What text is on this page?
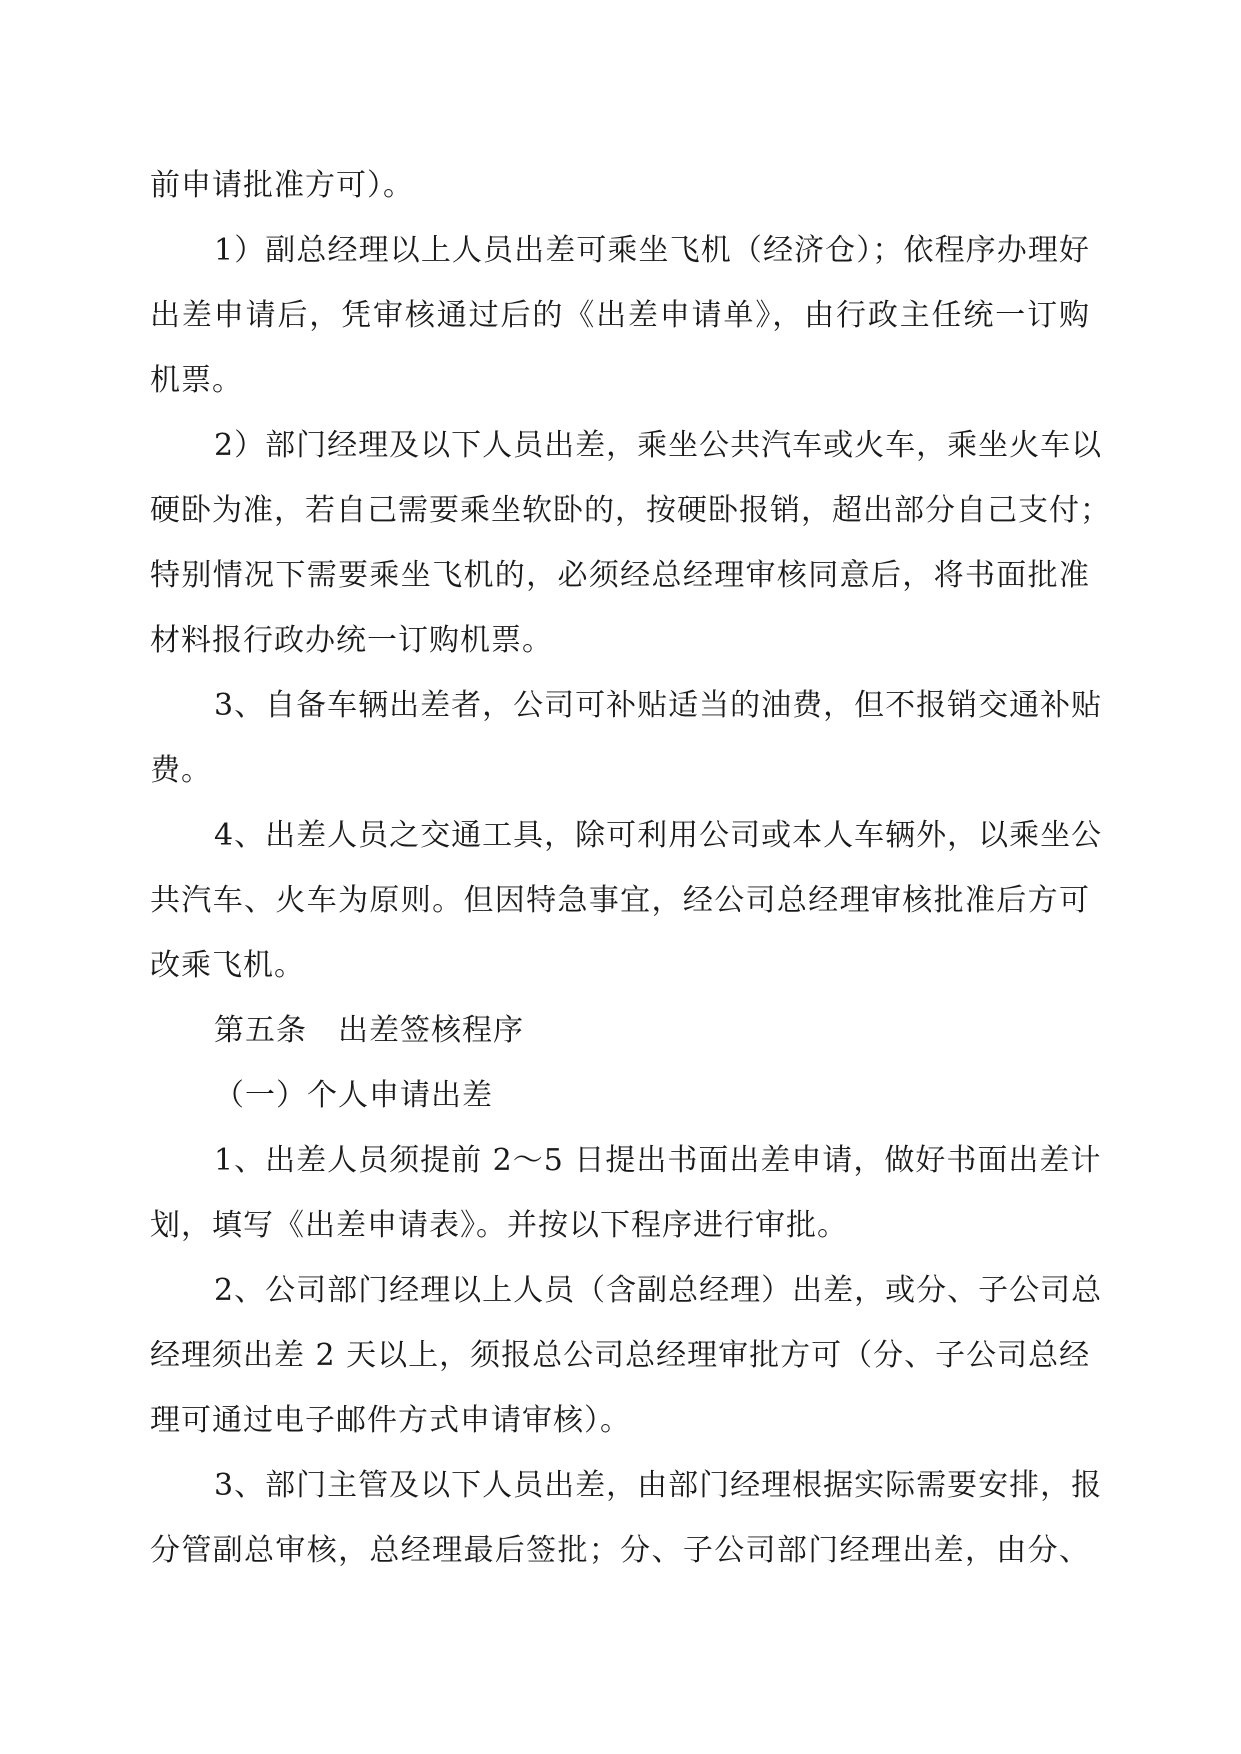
前申请批准方可）。
1）副总经理以上人员出差可乘坐飞机（经济仓）；依程序办理好
出差申请后，凭审核通过后的《出差申请单》，由行政主任统一订购
机票。
2）部门经理及以下人员出差，乘坐公共汽车或火车，乘坐火车以
硬卧为准，若自己需要乘坐软卧的，按硬卧报销，超出部分自己支付；
特别情况下需要乘坐飞机的，必须经总经理审核同意后，将书面批准
材料报行政办统一订购机票。
3、自备车辆出差者，公司可补贴适当的油费，但不报销交通补贴
费。
4、出差人员之交通工具，除可利用公司或本人车辆外，以乘坐公
共汽车、火车为原则。但因特急事宜，经公司总经理审核批准后方可
改乘飞机。
第五条　出差签核程序
（一）个人申请出差
1、出差人员须提前 2～5 日提出书面出差申请，做好书面出差计
划，填写《出差申请表》。并按以下程序进行审批。
2、公司部门经理以上人员（含副总经理）出差，或分、子公司总
经理须出差 2 天以上，须报总公司总经理审批方可（分、子公司总经
理可通过电子邮件方式申请审核）。
3、部门主管及以下人员出差，由部门经理根据实际需要安排，报
分管副总审核，总经理最后签批；分、子公司部门经理出差，由分、
